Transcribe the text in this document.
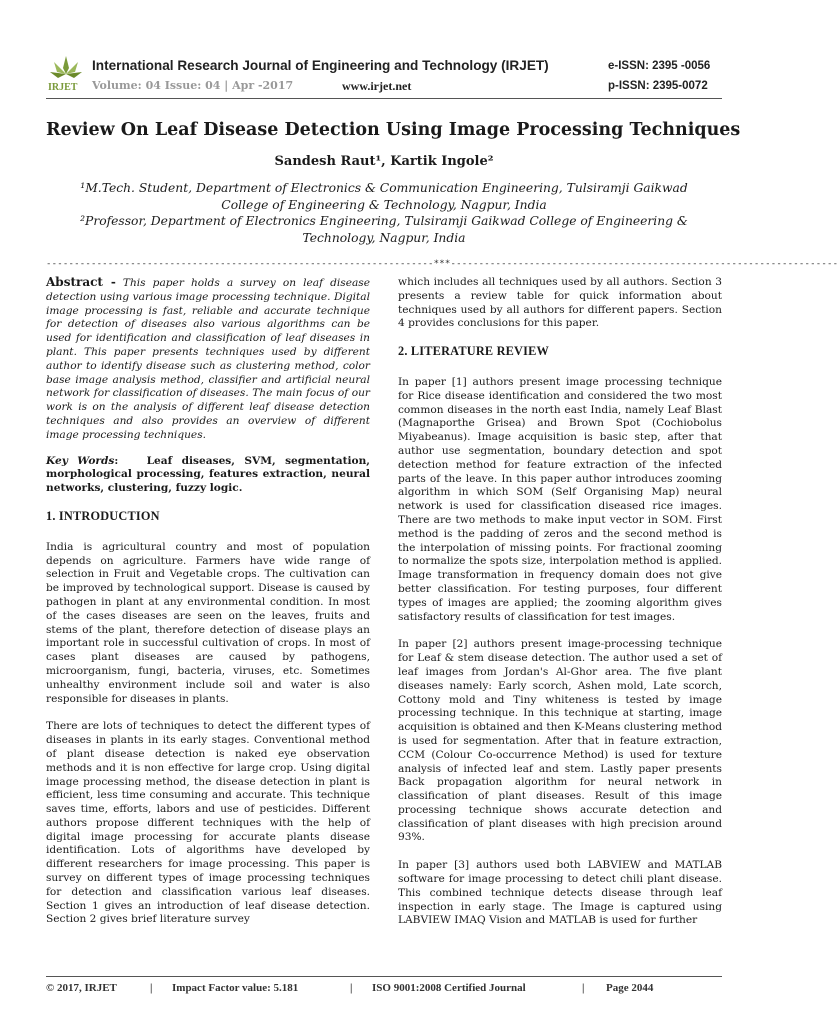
IRJET
International Research Journal of Engineering and Technology (IRJET)
Volume: 04 Issue: 04 | Apr -2017	www.irjet.net
e-ISSN: 2395 -0056
p-ISSN: 2395-0072
Review On Leaf Disease Detection Using Image Processing Techniques
Sandesh Raut¹, Kartik Ingole²
¹M.Tech. Student, Department of Electronics & Communication Engineering, Tulsiramji Gaikwad College of Engineering & Technology, Nagpur, India
²Professor, Department of Electronics Engineering, Tulsiramji Gaikwad College of Engineering & Technology, Nagpur, India
---------------------------------------------------------------------***---------------------------------------------------------------------

Abstract - This paper holds a survey on leaf disease detection using various image processing technique. Digital image processing is fast, reliable and accurate technique for detection of diseases also various algorithms can be used for identification and classification of leaf diseases in plant. This paper presents techniques used by different author to identify disease such as clustering method, color base image analysis method, classifier and artificial neural network for classification of diseases. The main focus of our work is on the analysis of different leaf disease detection techniques and also provides an overview of different image processing techniques.

Key Words:   Leaf diseases, SVM, segmentation, morphological processing, features extraction, neural networks, clustering, fuzzy logic.

1. INTRODUCTION

India is agricultural country and most of population depends on agriculture. Farmers have wide range of selection in Fruit and Vegetable crops. The cultivation can be improved by technological support. Disease is caused by pathogen in plant at any environmental condition. In most of the cases diseases are seen on the leaves, fruits and stems of the plant, therefore detection of disease plays an important role in successful cultivation of crops. In most of cases plant diseases are caused by pathogens, microorganism, fungi, bacteria, viruses, etc. Sometimes unhealthy environment include soil and water is also responsible for diseases in plants.

There are lots of techniques to detect the different types of diseases in plants in its early stages. Conventional method of plant disease detection is naked eye observation methods and it is non effective for large crop. Using digital image processing method, the disease detection in plant is efficient, less time consuming and accurate. This technique saves time, efforts, labors and use of pesticides. Different authors propose different techniques with the help of digital image processing for accurate plants disease identification. Lots of algorithms have developed by different researchers for image processing. This paper is survey on different types of image processing techniques for detection and classification various leaf diseases. Section 1 gives an introduction of leaf disease detection. Section 2 gives brief literature survey

which includes all techniques used by all authors. Section 3 presents a review table for quick information about techniques used by all authors for different papers. Section 4 provides conclusions for this paper.

2. LITERATURE REVIEW

In paper [1] authors present image processing technique for Rice disease identification and considered the two most common diseases in the north east India, namely Leaf Blast (Magnaporthe Grisea) and Brown Spot (Cochiobolus Miyabeanus). Image acquisition is basic step, after that author use segmentation, boundary detection and spot detection method for feature extraction of the infected parts of the leave. In this paper author introduces zooming algorithm in which SOM (Self Organising Map) neural network is used for classification diseased rice images. There are two methods to make input vector in SOM. First method is the padding of zeros and the second method is the interpolation of missing points. For fractional zooming to normalize the spots size, interpolation method is applied. Image transformation in frequency domain does not give better classification. For testing purposes, four different types of images are applied; the zooming algorithm gives satisfactory results of classification for test images.

In paper [2] authors present image-processing technique for Leaf & stem disease detection. The author used a set of leaf images from Jordan's Al-Ghor area. The five plant diseases namely: Early scorch, Ashen mold, Late scorch, Cottony mold and Tiny whiteness is tested by image processing technique. In this technique at starting, image acquisition is obtained and then K-Means clustering method is used for segmentation. After that in feature extraction, CCM (Colour Co-occurrence Method) is used for texture analysis of infected leaf and stem. Lastly paper presents Back propagation algorithm for neural network in classification of plant diseases. Result of this image processing technique shows accurate detection and classification of plant diseases with high precision around 93%.

In paper [3] authors used both LABVIEW and MATLAB software for image processing to detect chili plant disease. This combined technique detects disease through leaf inspection in early stage. The Image is captured using LABVIEW IMAQ Vision and MATLAB is used for further

© 2017, IRJET	| Impact Factor value: 5.181	| ISO 9001:2008 Certified Journal	| Page 2044
